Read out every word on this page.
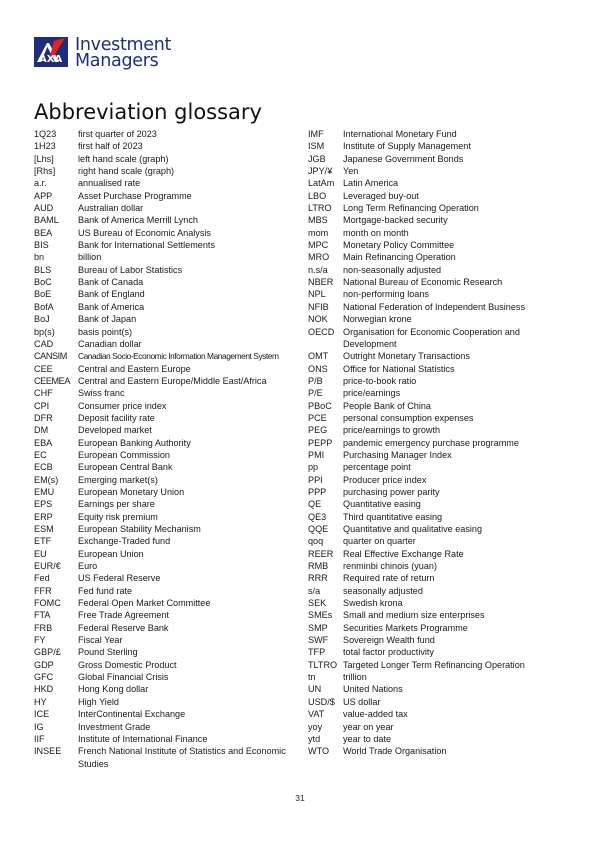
AXA
Investment
Managers
Abbreviation glossary
1Q23 first quarter of 2023
1H23 first half of 2023
[Lhs]	left hand scale (graph)
[Rhs]	right hand scale (graph)
a.r.	annualised rate
APP	Asset Purchase Programme
AUD	Australian dollar
BAML Bank of America Merrill Lynch
BEA	US Bureau of Economic Analysis
BIS	Bank for International Settlements
bn	billion
BLS	Bureau of Labor Statistics
BoC	Bank of Canada
BoE	Bank of England
BofA	Bank of America
BoJ	Bank of Japan
bp(s)	basis point(s)
CAD	Canadian dollar
CANSIM Canadian Socio-Economic Information Management System
CEE	Central and Eastern Europe
CEEMEA Central and Eastern Europe/Middle East/Africa
CHF	Swiss franc
CPI	Consumer price index
DFR	Deposit facility rate
DM	Developed market
EBA	European Banking Authority
EC	European Commission
ECB	European Central Bank
EM(s) Emerging market(s)
EMU	European Monetary Union
EPS	Earnings per share
ERP	Equity risk premium
ESM	European Stability Mechanism
ETF	Exchange-Traded fund
EU	European Union
EUR/€ Euro
Fed	US Federal Reserve
FFR	Fed fund rate
FOMC Federal Open Market Committee
FTA	Free Trade Agreement
FRB	Federal Reserve Bank
FY	Fiscal Year
GBP/£ Pound Sterling
GDP	Gross Domestic Product
GFC	Global Financial Crisis
HKD	Hong Kong dollar
HY	High Yield
ICE	InterContinental Exchange
IG	Investment Grade
IIF	Institute of International Finance
INSEE French National Institute of Statistics and Economic Studies
IMF International Monetary Fund
ISM Institute of Supply Management
JGB Japanese Government Bonds
JPY/¥ Yen
LatAm Latin America
LBO Leveraged buy-out
LTRO Long Term Refinancing Operation
MBS Mortgage-backed security
mom month on month
MPC Monetary Policy Committee
MRO Main Refinancing Operation
n.s/a non-seasonally adjusted
NBER National Bureau of Economic Research
NPL non-performing loans
NFIB National Federation of Independent Business
NOK Norwegian krone
OECD Organisation for Economic Cooperation and Development
OMT Outright Monetary Transactions
ONS Office for National Statistics
P/B price-to-book ratio
P/E price/earnings
PBoC People Bank of China
PCE personal consumption expenses
PEG price/earnings to growth
PEPP pandemic emergency purchase programme
PMI Purchasing Manager Index
pp	percentage point
PPI Producer price index
PPP purchasing power parity
QE Quantitative easing
QE3 Third quantitative easing
QQE Quantitative and qualitative easing
qoq quarter on quarter
REER Real Effective Exchange Rate
RMB renminbi chinois (yuan)
RRR Required rate of return
s/a	seasonally adjusted
SEK Swedish krona
SMEs Small and medium size enterprises
SMP Securities Markets Programme
SWF Sovereign Wealth fund
TFP total factor productivity
TLTRO Targeted Longer Term Refinancing Operation
tn	trillion
UN United Nations
USD/$ US dollar
VAT value-added tax
yoy year on year
ytd	year to date
WTO World Trade Organisation
31
